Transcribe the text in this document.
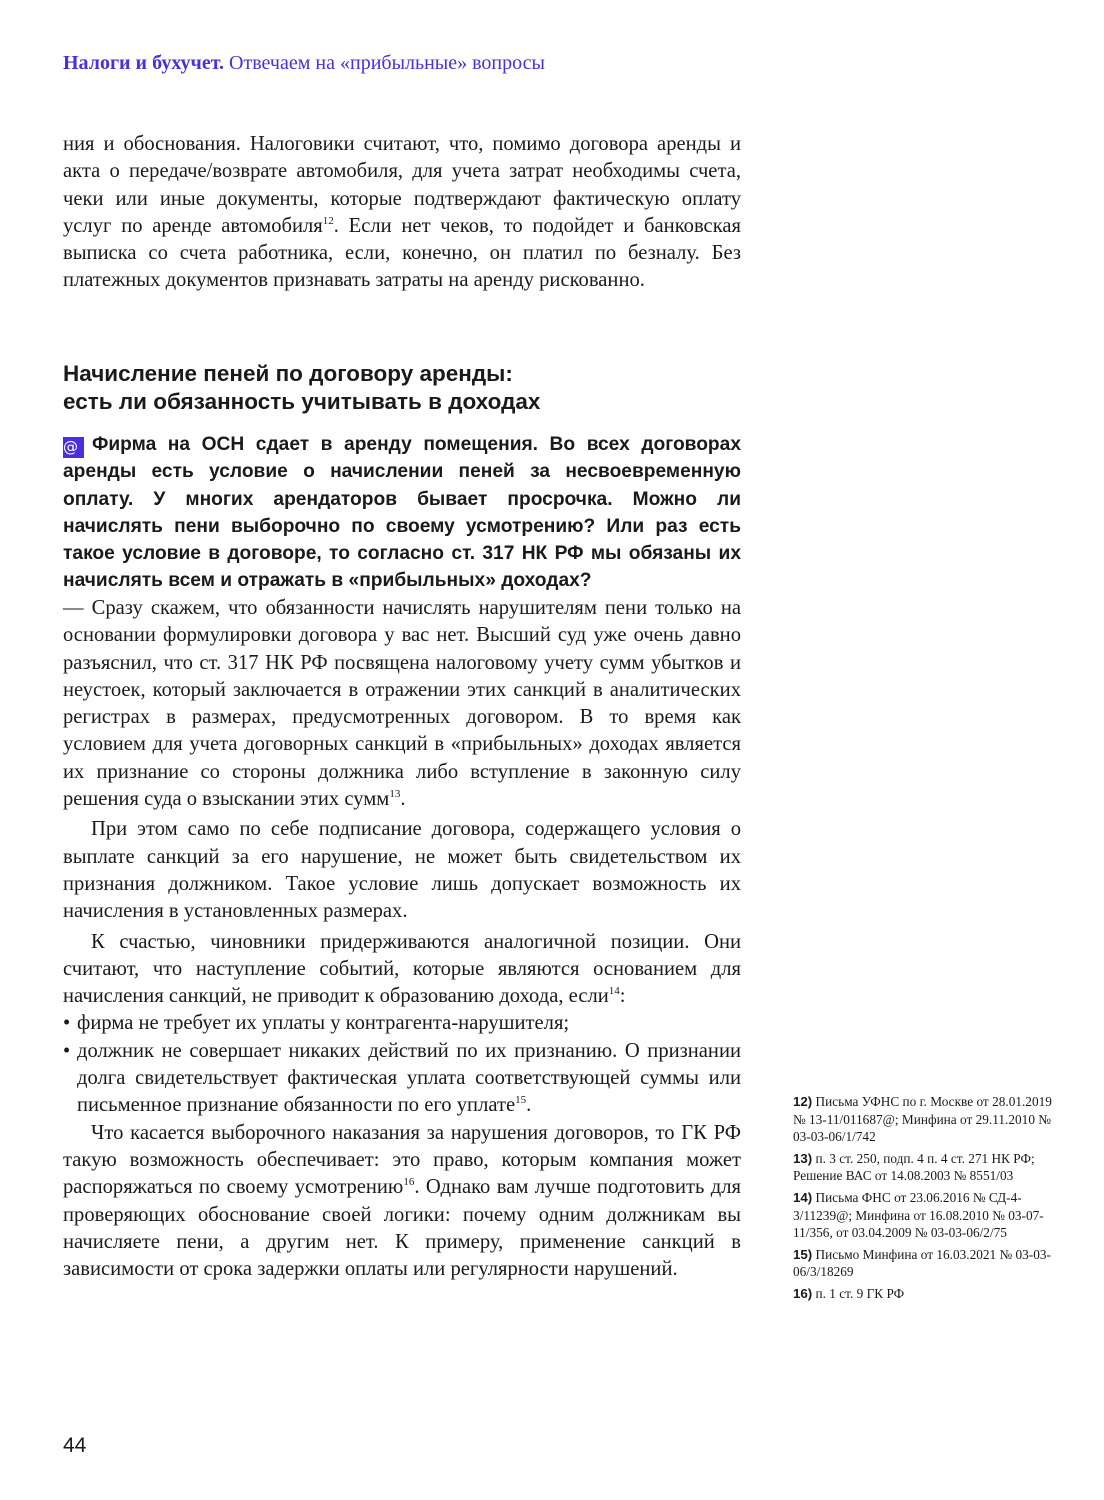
Налоги и бухучет. Отвечаем на «прибыльные» вопросы

ния и обоснования. Налоговики считают, что, помимо договора аренды и акта о передаче/возврате автомобиля, для учета затрат необходимы счета, чеки или иные документы, которые подтверждают фактическую оплату услуг по аренде автомобиля$^{12}$. Если нет чеков, то подойдет и банковская выписка со счета работника, если, конечно, он платил по безналу. Без платежных документов признавать затраты на аренду рискованно.

Начисление пеней по договору аренды:
есть ли обязанность учитывать в доходах
@ Фирма на ОСН сдает в аренду помещения. Во всех договорах аренды есть условие о начислении пеней за несвоевременную оплату. У многих арендаторов бывает просрочка. Можно ли начислять пени выборочно по своему усмотрению? Или раз есть такое условие в договоре, то согласно ст. 317 НК РФ мы обязаны их начислять всем и отражать в «прибыльных» доходах?

— Сразу скажем, что обязанности начислять нарушителям пени только на основании формулировки договора у вас нет. Высший суд уже очень давно разъяснил, что ст. 317 НК РФ посвящена налоговому учету сумм убытков и неустоек, который заключается в отражении этих санкций в аналитических регистрах в размерах, предусмотренных договором. В то время как условием для учета договорных санкций в «прибыльных» доходах является их признание со стороны должника либо вступление в законную силу решения суда о взыскании этих сумм$^{13}$.

При этом само по себе подписание договора, содержащего условия о выплате санкций за его нарушение, не может быть свидетельством их признания должником. Такое условие лишь допускает возможность их начисления в установленных размерах.

К счастью, чиновники придерживаются аналогичной позиции. Они считают, что наступление событий, которые являются основанием для начисления санкций, не приводит к образованию дохода, если$^{14}$:

• фирма не требует их уплаты у контрагента-нарушителя;
• должник не совершает никаких действий по их признанию. О признании долга свидетельствует фактическая уплата соответствующей суммы или письменное признание обязанности по его уплате$^{15}$.

Что касается выборочного наказания за нарушения договоров, то ГК РФ такую возможность обеспечивает: это право, которым компания может распоряжаться по своему усмотрению$^{16}$. Однако вам лучше подготовить для проверяющих обоснование своей логики: почему одним должникам вы начисляете пени, а другим нет. К примеру, применение санкций в зависимости от срока задержки оплаты или регулярности нарушений.

12) Письма УФНС по г. Москве от 28.01.2019 № 13-11/011687@; Минфина от 29.11.2010 № 03-03-06/1/742
13) п. 3 ст. 250, подп. 4 п. 4 ст. 271 НК РФ; Решение ВАС от 14.08.2003 № 8551/03
14) Письма ФНС от 23.06.2016 № СД-4-3/11239@; Минфина от 16.08.2010 № 03-07-11/356, от 03.04.2009 № 03-03-06/2/75
15) Письмо Минфина от 16.03.2021 № 03-03-06/3/18269
16) п. 1 ст. 9 ГК РФ
44
